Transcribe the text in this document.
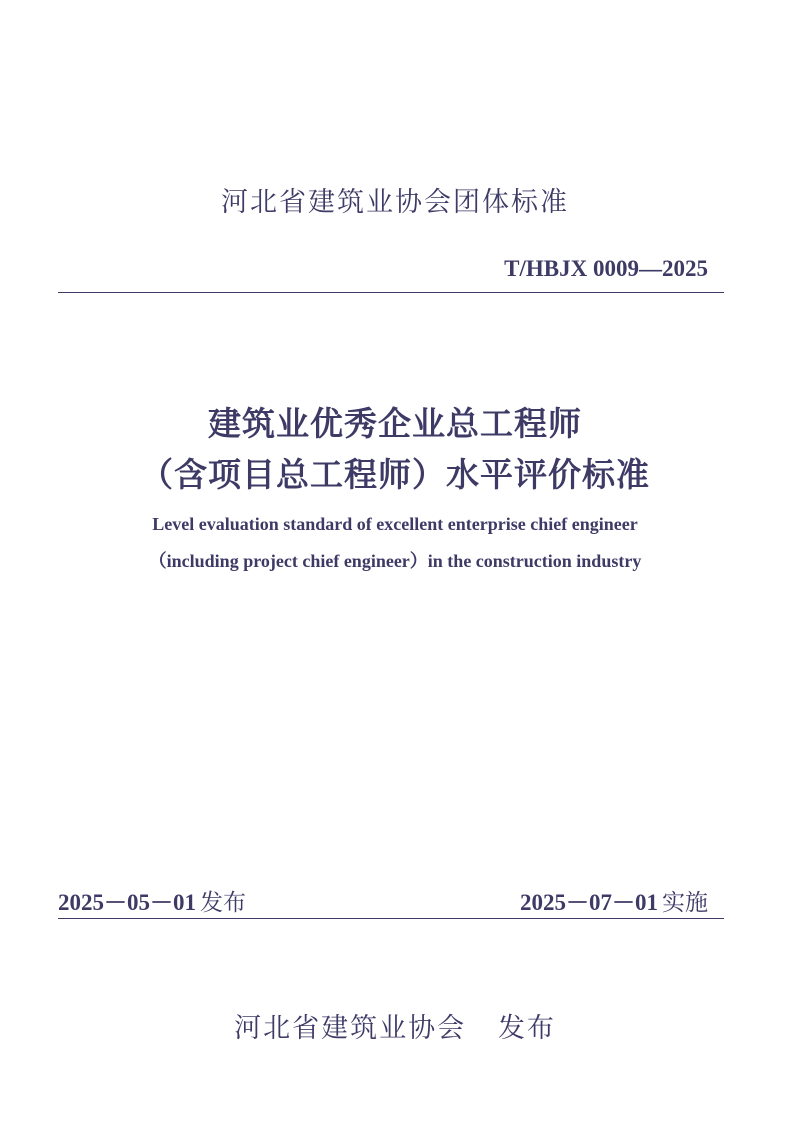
河北省建筑业协会团体标准
T/HBJX 0009—2025
建筑业优秀企业总工程师
（含项目总工程师）水平评价标准
Level evaluation standard of excellent enterprise chief engineer
（including project chief engineer）in the construction industry
2025－05－01 发布	2025－07－01 实施
河北省建筑业协会 发布
